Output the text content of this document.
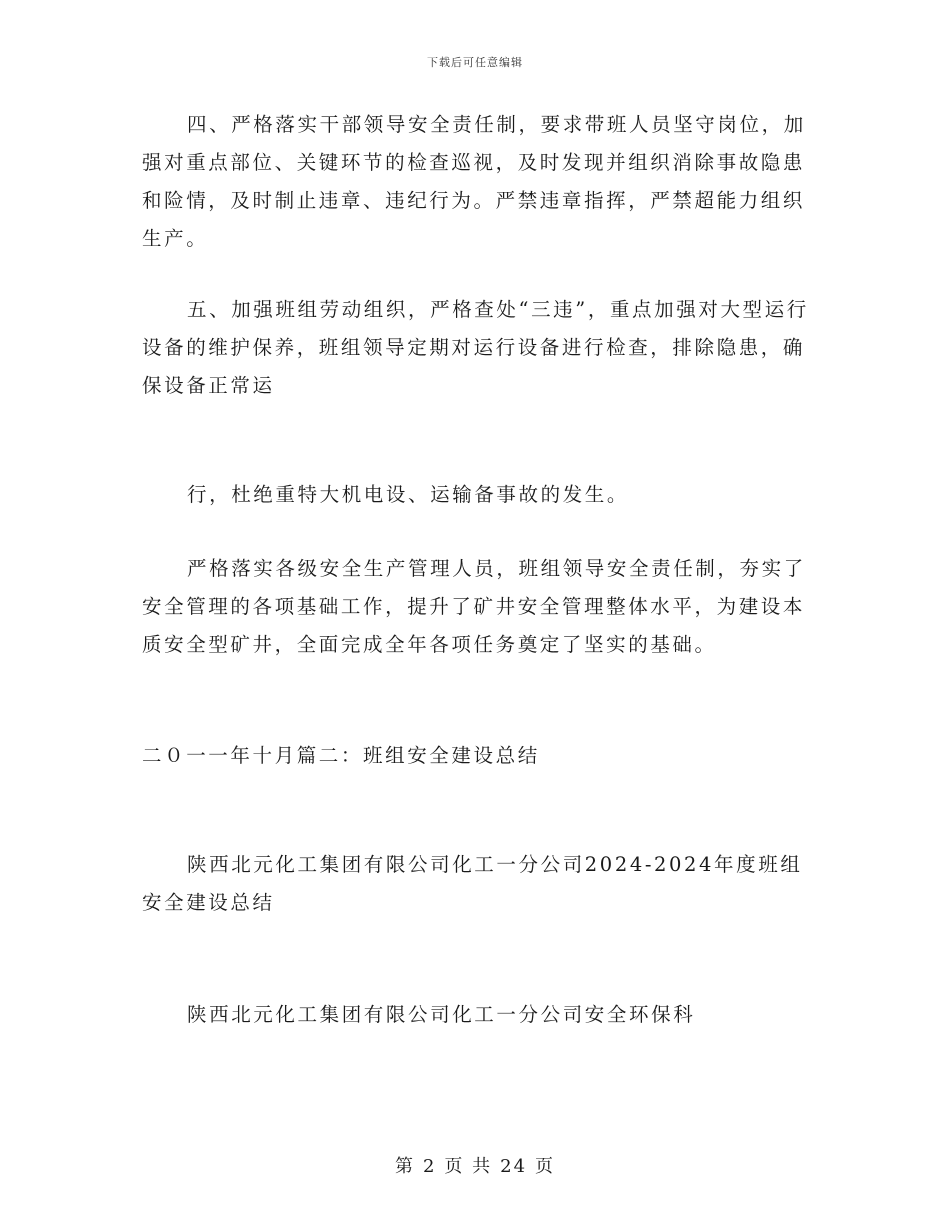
下载后可任意编辑

四、严格落实干部领导安全责任制，要求带班人员坚守岗位，加强对重点部位、关键环节的检查巡视，及时发现并组织消除事故隐患和险情，及时制止违章、违纪行为。严禁违章指挥，严禁超能力组织生产。

五、加强班组劳动组织，严格查处“三违”，重点加强对大型运行设备的维护保养，班组领导定期对运行设备进行检查，排除隐患，确保设备正常运

行，杜绝重特大机电设、运输备事故的发生。

严格落实各级安全生产管理人员，班组领导安全责任制，夯实了安全管理的各项基础工作，提升了矿井安全管理整体水平，为建设本质安全型矿井，全面完成全年各项任务奠定了坚实的基础。

二０一一年十月篇二：班组安全建设总结

陕西北元化工集团有限公司化工一分公司2024-2024年度班组安全建设总结

陕西北元化工集团有限公司化工一分公司安全环保科

第 2 页 共 24 页
